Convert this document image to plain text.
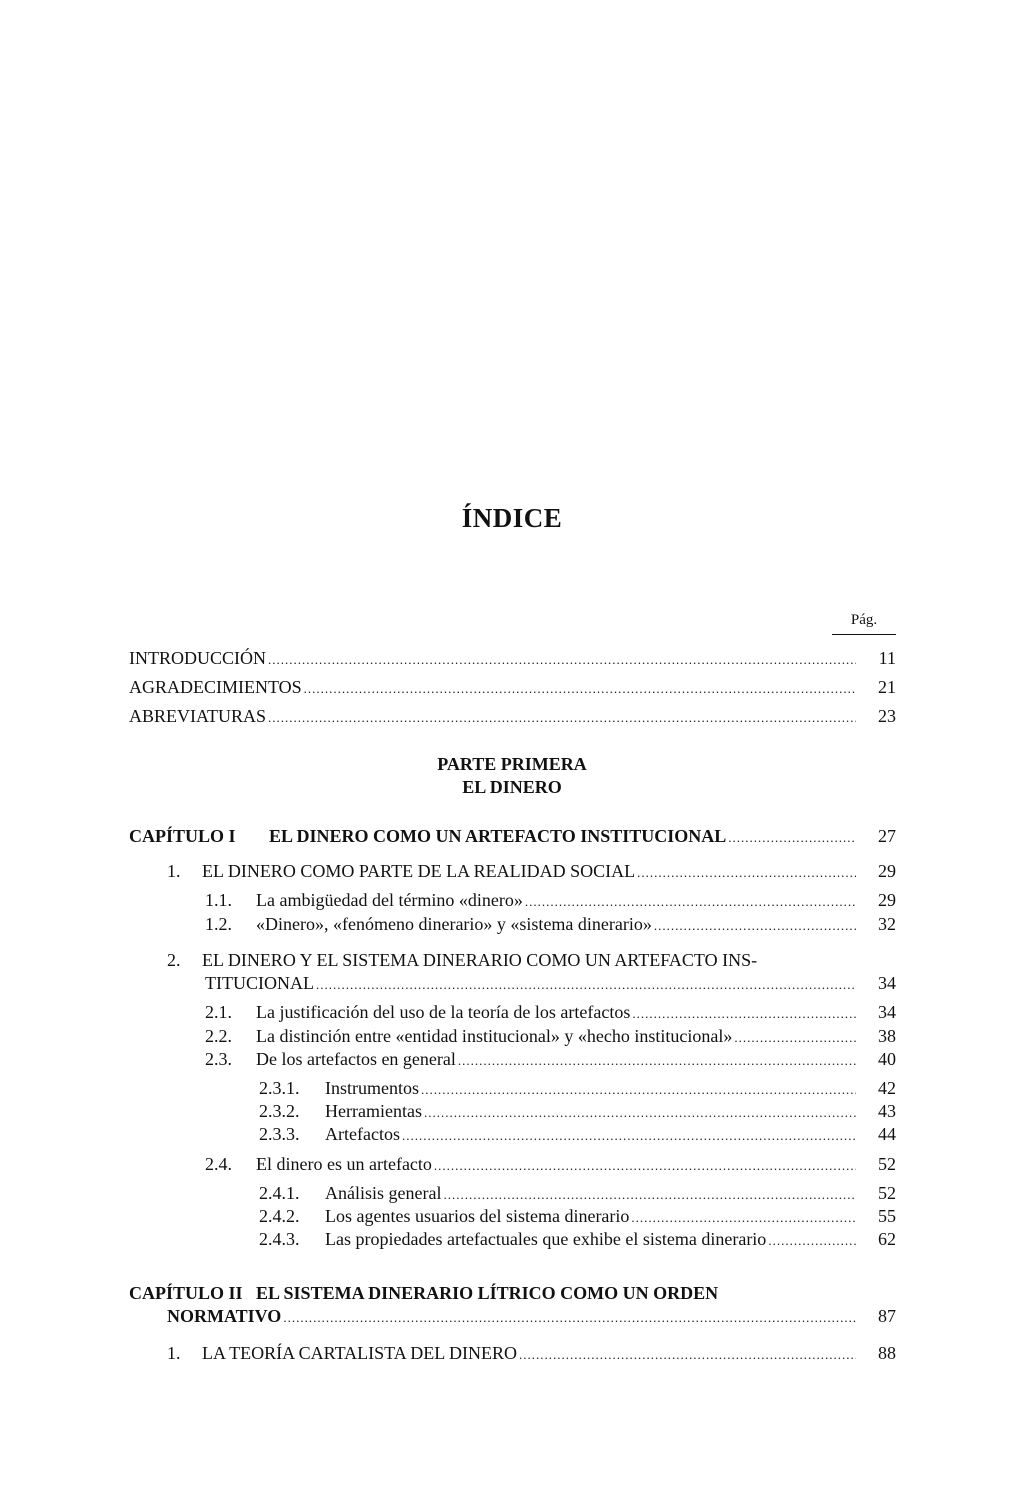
ÍNDICE
Pág.
INTRODUCCIÓN .....	11
AGRADECIMIENTOS .....	21
ABREVIATURAS .....	23
PARTE PRIMERA
EL DINERO
CAPÍTULO I	EL DINERO COMO UN ARTEFACTO INSTITUCIONAL .....	27
1.	EL DINERO COMO PARTE DE LA REALIDAD SOCIAL .....	29
1.1.	La ambigüedad del término «dinero» .....	29
1.2.	«Dinero», «fenómeno dinerario» y «sistema dinerario» .....	32
2. EL DINERO Y EL SISTEMA DINERARIO COMO UN ARTEFACTO INS-
TITUCIONAL .....	34
2.1.	La justificación del uso de la teoría de los artefactos .....	34
2.2.	La distinción entre «entidad institucional» y «hecho institucional» .....	38
2.3.	De los artefactos en general .....	40
2.3.1.	Instrumentos .....	42
2.3.2.	Herramientas .....	43
2.3.3.	Artefactos .....	44
2.4.	El dinero es un artefacto .....	52
2.4.1.	Análisis general .....	52
2.4.2.	Los agentes usuarios del sistema dinerario .....	55
2.4.3.	Las propiedades artefactuales que exhibe el sistema dinerario .....	62
CAPÍTULO II   EL SISTEMA DINERARIO LÍTRICO COMO UN ORDEN
NORMATIVO .....	87
1.	LA TEORÍA CARTALISTA DEL DINERO .....	88
